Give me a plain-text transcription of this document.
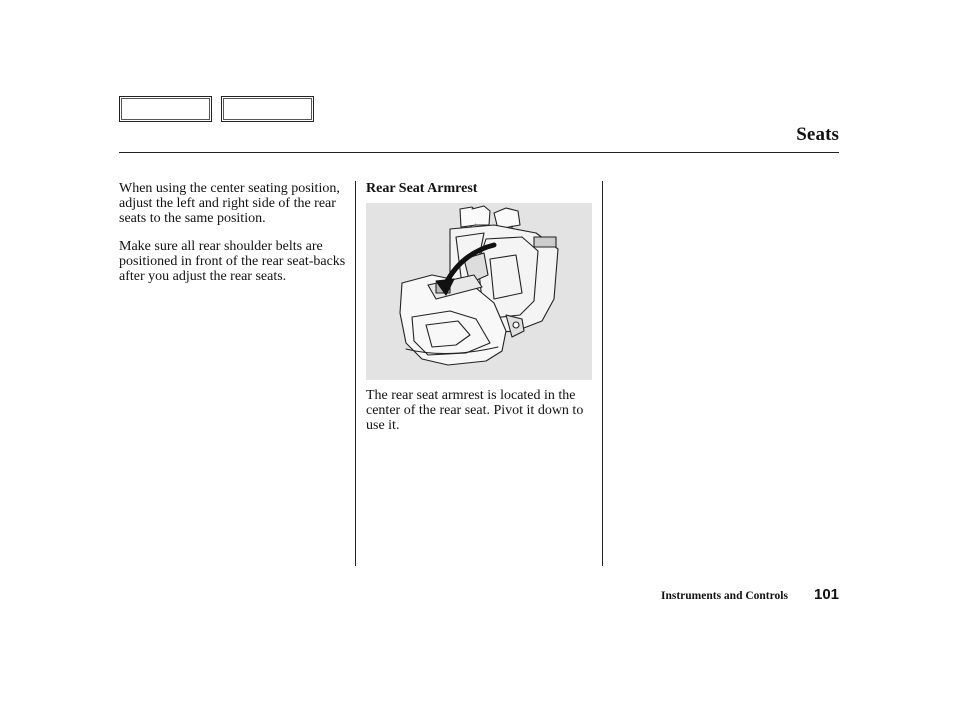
Seats

When using the center seating position, adjust the left and right side of the rear seats to the same position.

Make sure all rear shoulder belts are positioned in front of the rear seat-backs after you adjust the rear seats.

Rear Seat Armrest

The rear seat armrest is located in the center of the rear seat. Pivot it down to use it.

Instruments and Controls 101
